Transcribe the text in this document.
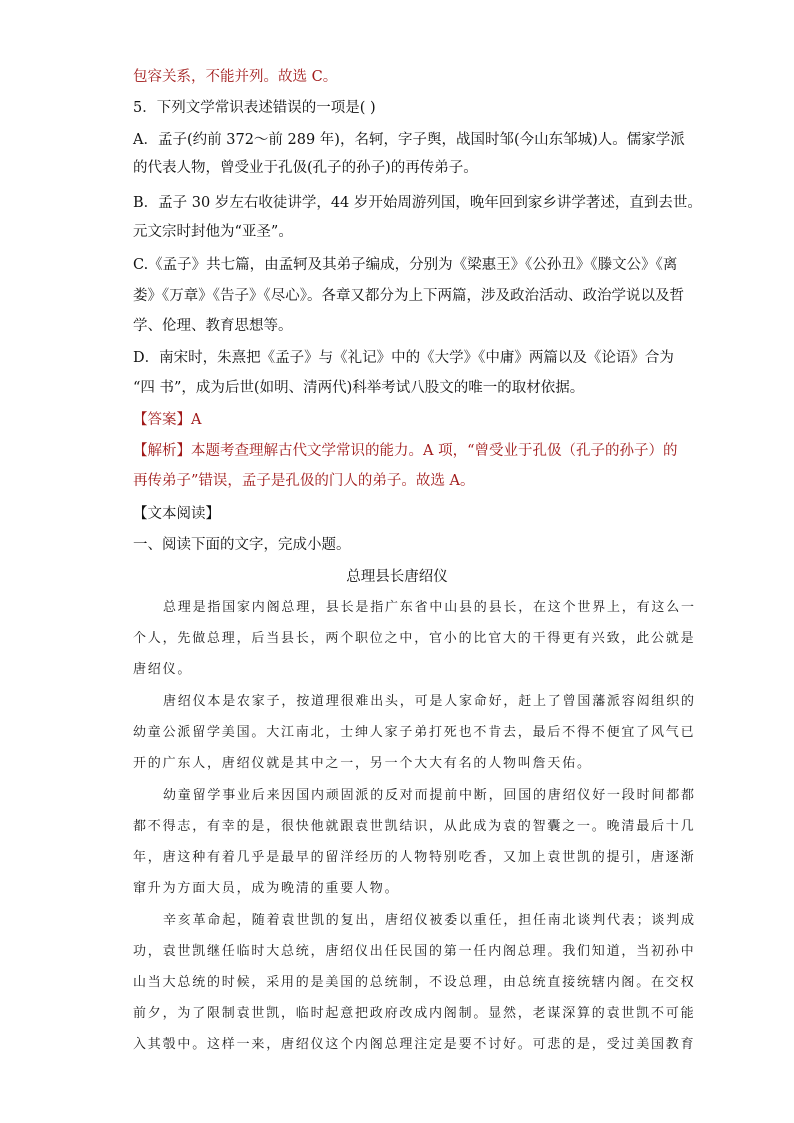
包容关系，不能并列。故选 C。
5．下列文学常识表述错误的一项是( )
A．孟子(约前 372～前 289 年)，名轲，字子舆，战国时邹(今山东邹城)人。儒家学派
的代表人物，曾受业于孔伋(孔子的孙子)的再传弟子。
B．孟子 30 岁左右收徒讲学，44 岁开始周游列国，晚年回到家乡讲学著述，直到去世。
元文宗时封他为“亚圣”。
C.《孟子》共七篇，由孟轲及其弟子编成，分别为《梁惠王》《公孙丑》《滕文公》《离
娄》《万章》《告子》《尽心》。各章又都分为上下两篇，涉及政治活动、政治学说以及哲
学、伦理、教育思想等。
D．南宋时，朱熹把《孟子》与《礼记》中的《大学》《中庸》两篇以及《论语》合为
“四 书”，成为后世(如明、清两代)科举考试八股文的唯一的取材依据。
【答案】A
【解析】本题考查理解古代文学常识的能力。A 项，“曾受业于孔伋（孔子的孙子）的
再传弟子”错误，孟子是孔伋的门人的弟子。故选 A。
【文本阅读】
一、阅读下面的文字，完成小题。
总理县长唐绍仪
总理是指国家内阁总理，县长是指广东省中山县的县长，在这个世界上，有这么一
个人，先做总理，后当县长，两个职位之中，官小的比官大的干得更有兴致，此公就是
唐绍仪。
唐绍仪本是农家子，按道理很难出头，可是人家命好，赶上了曾国藩派容闳组织的
幼童公派留学美国。大江南北，士绅人家子弟打死也不肯去，最后不得不便宜了风气已
开的广东人，唐绍仪就是其中之一，另一个大大有名的人物叫詹天佑。
幼童留学事业后来因国内顽固派的反对而提前中断，回国的唐绍仪好一段时间都都
都不得志，有幸的是，很快他就跟袁世凯结识，从此成为袁的智囊之一。晚清最后十几
年，唐这种有着几乎是最早的留洋经历的人物特别吃香，又加上袁世凯的提引，唐逐渐
窜升为方面大员，成为晚清的重要人物。
辛亥革命起，随着袁世凯的复出，唐绍仪被委以重任，担任南北谈判代表；谈判成
功，袁世凯继任临时大总统，唐绍仪出任民国的第一任内阁总理。我们知道，当初孙中
山当大总统的时候，采用的是美国的总统制，不设总理，由总统直接统辖内阁。在交权
前夕，为了限制袁世凯，临时起意把政府改成内阁制。显然，老谋深算的袁世凯不可能
入其彀中。这样一来，唐绍仪这个内阁总理注定是要不讨好。可悲的是，受过美国教育
